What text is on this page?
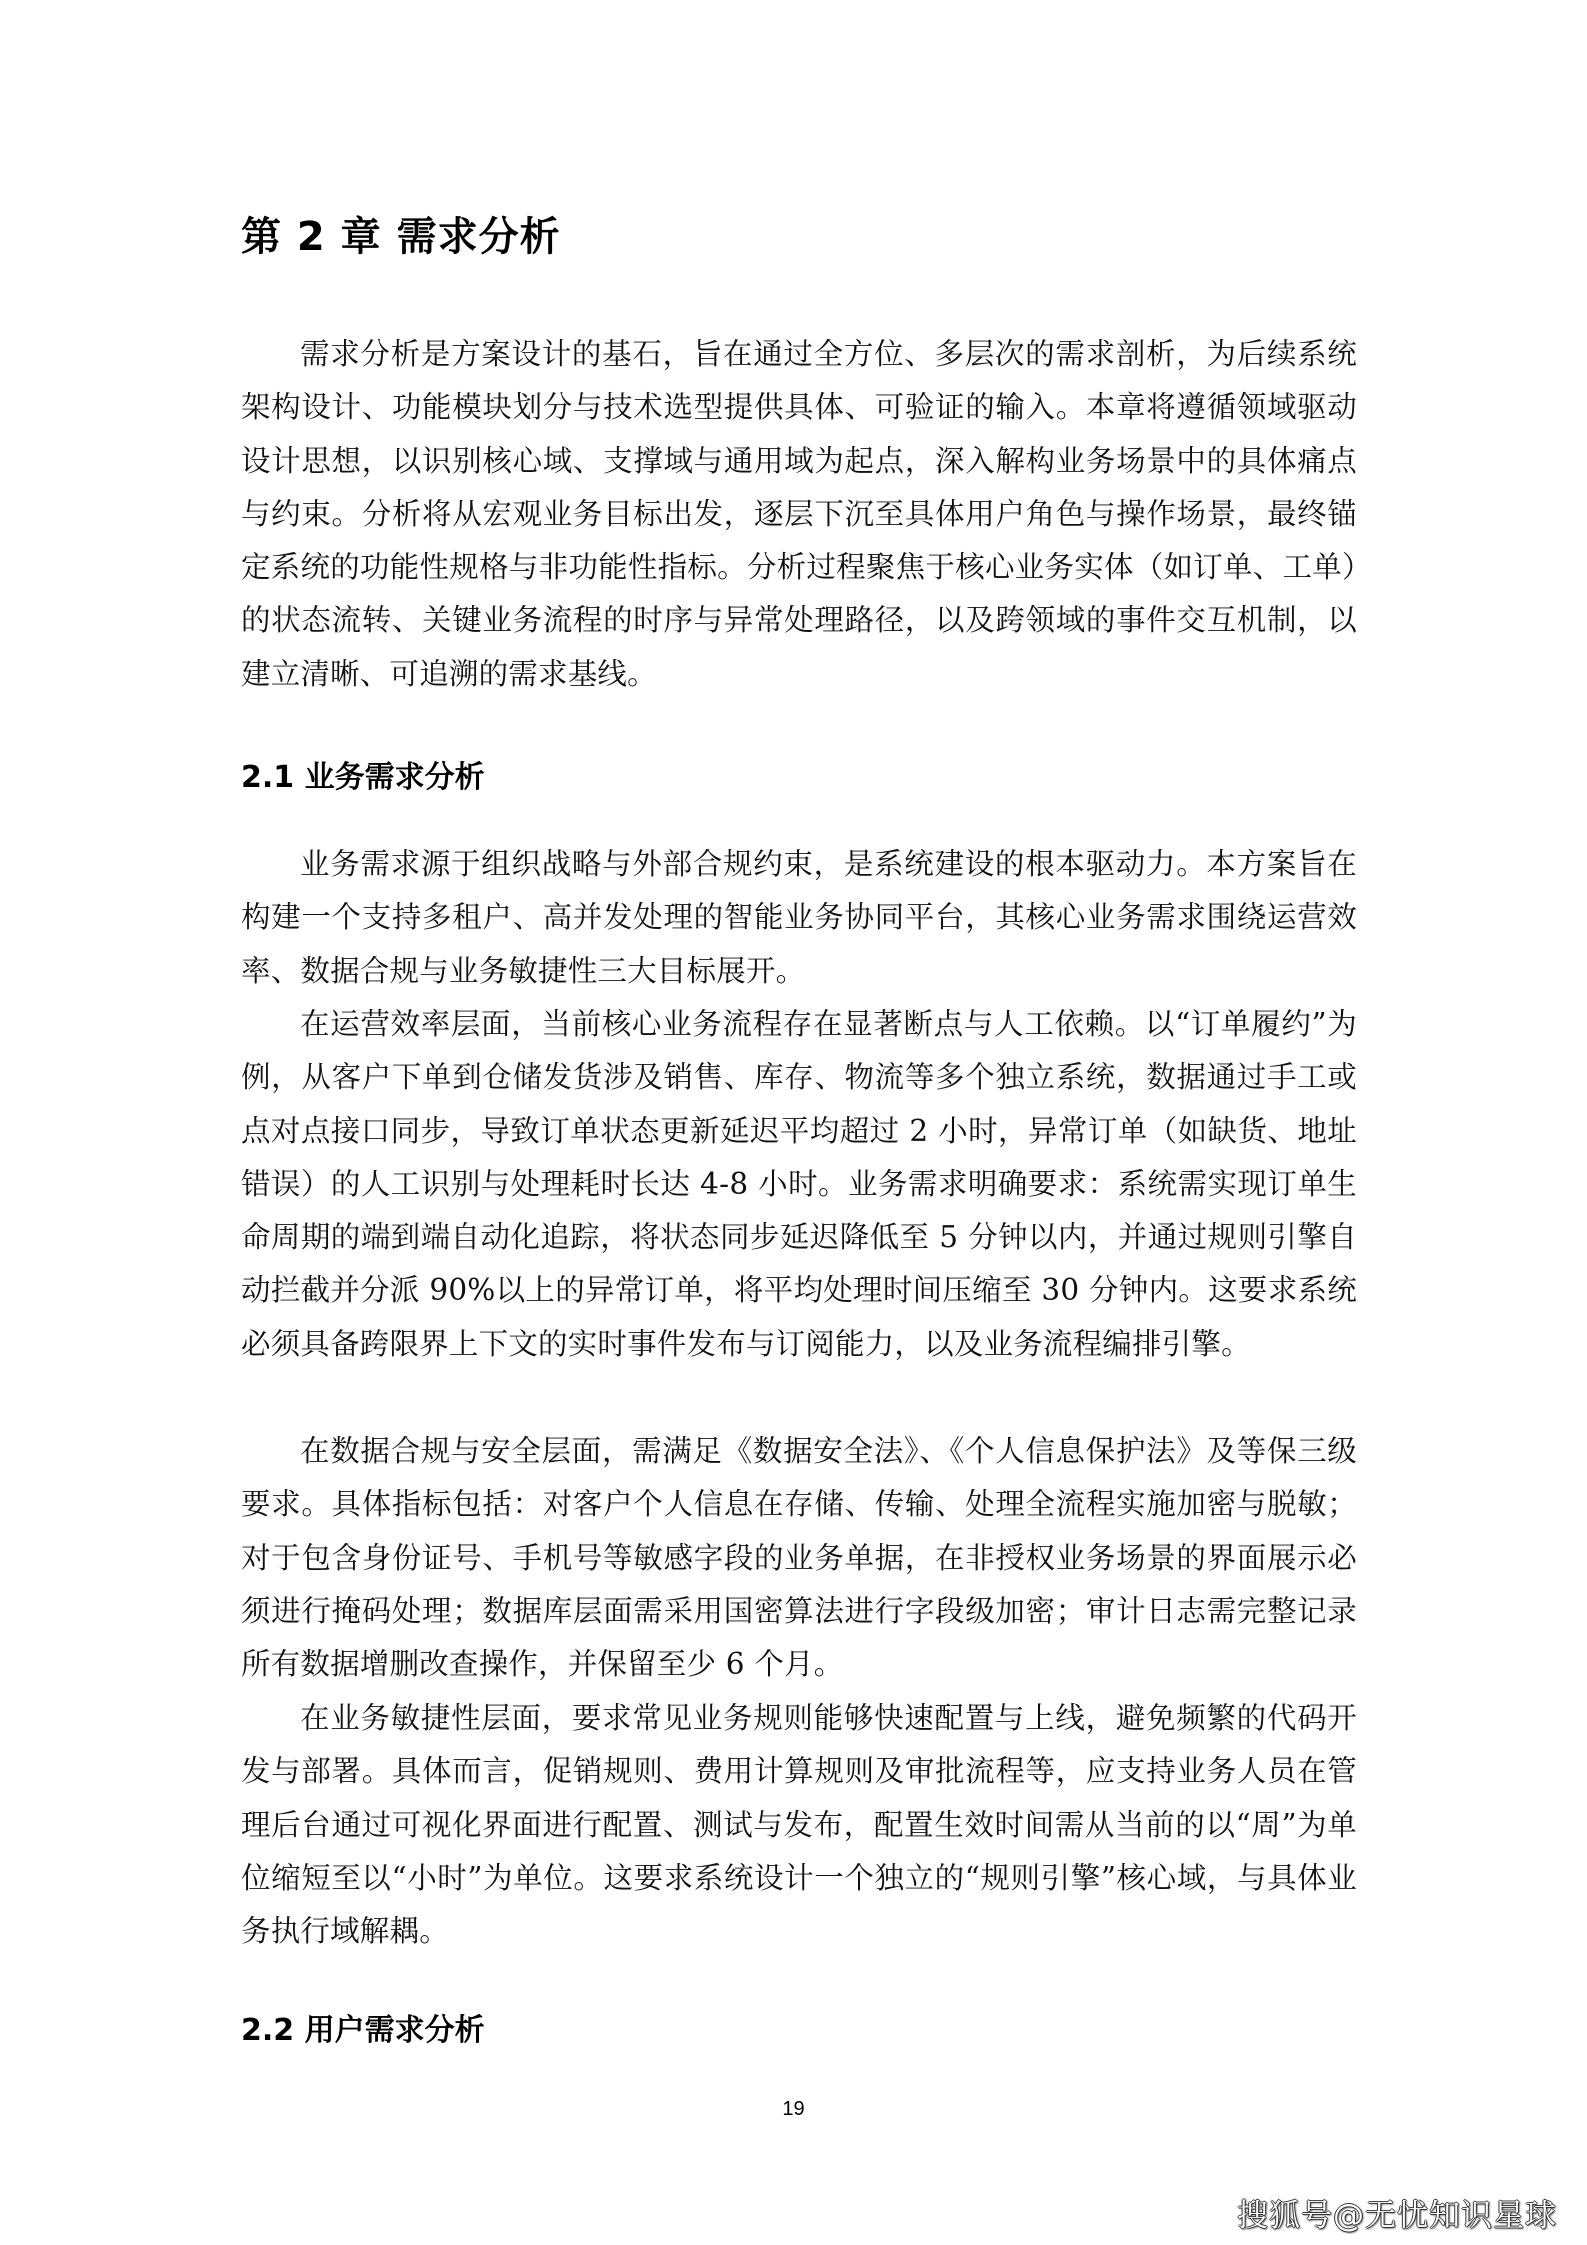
第 2 章 需求分析

需求分析是方案设计的基石，旨在通过全方位、多层次的需求剖析，为后续系统架构设计、功能模块划分与技术选型提供具体、可验证的输入。本章将遵循领域驱动设计思想，以识别核心域、支撑域与通用域为起点，深入解构业务场景中的具体痛点与约束。分析将从宏观业务目标出发，逐层下沉至具体用户角色与操作场景，最终锚定系统的功能性规格与非功能性指标。分析过程聚焦于核心业务实体（如订单、工单）的状态流转、关键业务流程的时序与异常处理路径，以及跨领域的事件交互机制，以建立清晰、可追溯的需求基线。

2.1 业务需求分析

业务需求源于组织战略与外部合规约束，是系统建设的根本驱动力。本方案旨在构建一个支持多租户、高并发处理的智能业务协同平台，其核心业务需求围绕运营效率、数据合规与业务敏捷性三大目标展开。

在运营效率层面，当前核心业务流程存在显著断点与人工依赖。以“订单履约”为例，从客户下单到仓储发货涉及销售、库存、物流等多个独立系统，数据通过手工或点对点接口同步，导致订单状态更新延迟平均超过 2 小时，异常订单（如缺货、地址错误）的人工识别与处理耗时长达 4-8 小时。业务需求明确要求：系统需实现订单生命周期的端到端自动化追踪，将状态同步延迟降低至 5 分钟以内，并通过规则引擎自动拦截并分派 90%以上的异常订单，将平均处理时间压缩至 30 分钟内。这要求系统必须具备跨限界上下文的实时事件发布与订阅能力，以及业务流程编排引擎。

在数据合规与安全层面，需满足《数据安全法》、《个人信息保护法》及等保三级要求。具体指标包括：对客户个人信息在存储、传输、处理全流程实施加密与脱敏；对于包含身份证号、手机号等敏感字段的业务单据，在非授权业务场景的界面展示必须进行掩码处理；数据库层面需采用国密算法进行字段级加密；审计日志需完整记录所有数据增删改查操作，并保留至少 6 个月。

在业务敏捷性层面，要求常见业务规则能够快速配置与上线，避免频繁的代码开发与部署。具体而言，促销规则、费用计算规则及审批流程等，应支持业务人员在管理后台通过可视化界面进行配置、测试与发布，配置生效时间需从当前的以“周”为单位缩短至以“小时”为单位。这要求系统设计一个独立的“规则引擎”核心域，与具体业务执行域解耦。

2.2 用户需求分析
19
搜狐号@无忧知识星球
